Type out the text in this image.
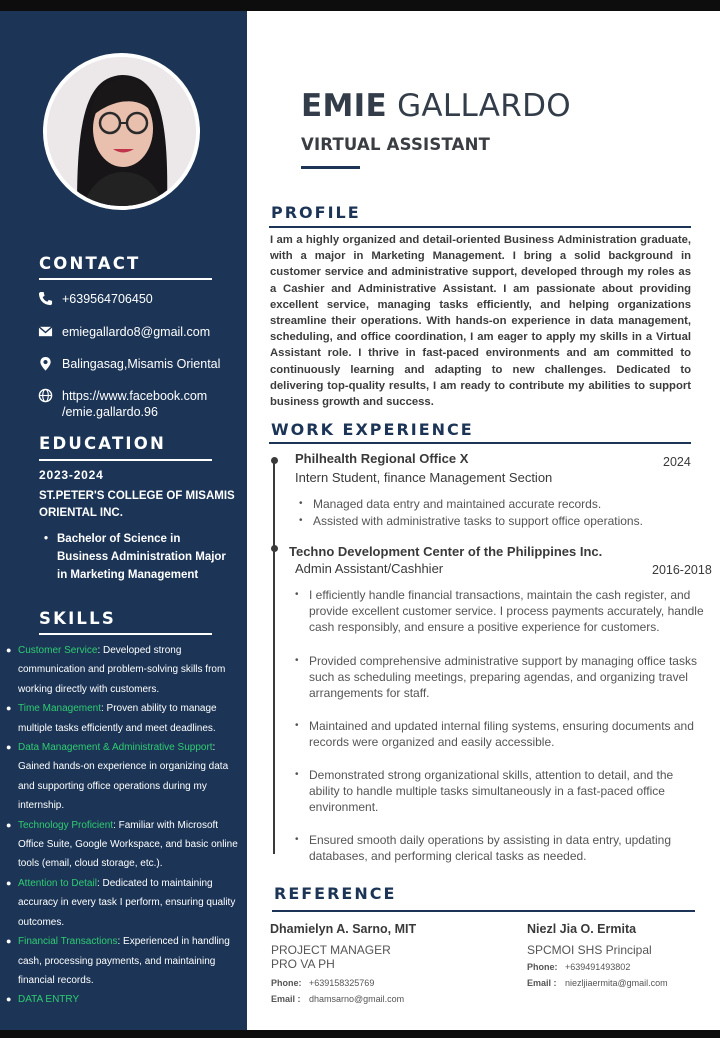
CONTACT
+639564706450
emiegallardo8@gmail.com
Balingasag,Misamis Oriental
https://www.facebook.com
/emie.gallardo.96
EDUCATION
2023-2024
ST.PETER'S COLLEGE OF MISAMIS ORIENTAL INC.
• Bachelor of Science in Business Administration Major in Marketing Management
SKILLS
● Customer Service: Developed strong communication and problem-solving skills from working directly with customers.
● Time Management: Proven ability to manage multiple tasks efficiently and meet deadlines.
● Data Management & Administrative Support: Gained hands-on experience in organizing data and supporting office operations during my internship.
● Technology Proficient: Familiar with Microsoft Office Suite, Google Workspace, and basic online tools (email, cloud storage, etc.).
● Attention to Detail: Dedicated to maintaining accuracy in every task I perform, ensuring quality outcomes.
● Financial Transactions: Experienced in handling cash, processing payments, and maintaining financial records.
● DATA ENTRY
EMIE GALLARDO
VIRTUAL ASSISTANT
PROFILE
I am a highly organized and detail-oriented Business Administration graduate, with a major in Marketing Management. I bring a solid background in customer service and administrative support, developed through my roles as a Cashier and Administrative Assistant. I am passionate about providing excellent service, managing tasks efficiently, and helping organizations streamline their operations. With hands-on experience in data management, scheduling, and office coordination, I am eager to apply my skills in a Virtual Assistant role. I thrive in fast-paced environments and am committed to continuously learning and adapting to new challenges. Dedicated to delivering top-quality results, I am ready to contribute my abilities to support business growth and success.
WORK EXPERIENCE
Philhealth Regional Office X	2024
Intern Student, finance Management Section
• Managed data entry and maintained accurate records.
• Assisted with administrative tasks to support office operations.
Techno Development Center of the Philippines Inc.
Admin Assistant/Cashhier	2016-2018
• I efficiently handle financial transactions, maintain the cash register, and provide excellent customer service. I process payments accurately, handle cash responsibly, and ensure a positive experience for customers.
• Provided comprehensive administrative support by managing office tasks such as scheduling meetings, preparing agendas, and organizing travel arrangements for staff.
• Maintained and updated internal filing systems, ensuring documents and records were organized and easily accessible.
• Demonstrated strong organizational skills, attention to detail, and the ability to handle multiple tasks simultaneously in a fast-paced office environment.
• Ensured smooth daily operations by assisting in data entry, updating databases, and performing clerical tasks as needed.
REFERENCE
Dhamielyn A. Sarno, MIT
PROJECT MANAGER
PRO VA PH
Phone: +639158325769
Email : dhamsarno@gmail.com
Niezl Jia O. Ermita
SPCMOI SHS Principal
Phone: +639491493802
Email : niezljiaermita@gmail.com
